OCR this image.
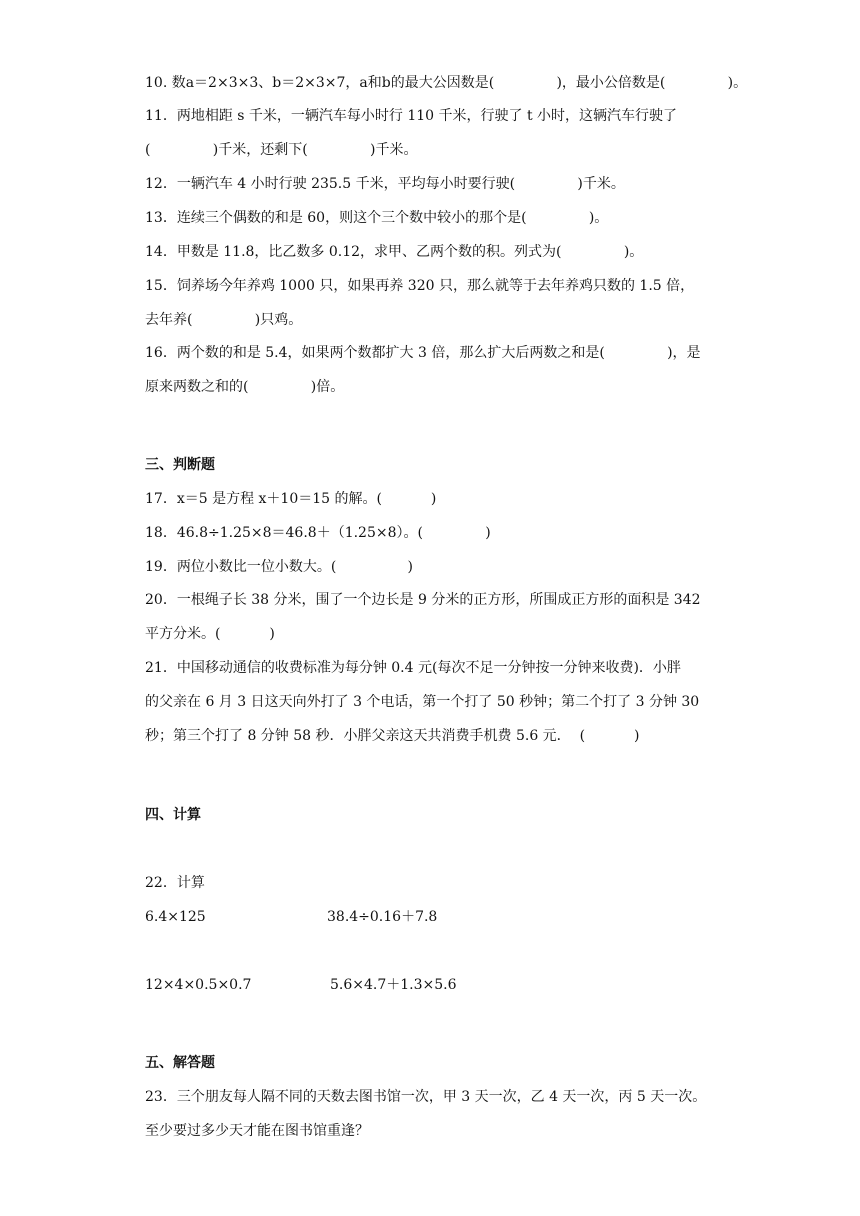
10. 数a＝2×3×3、b＝2×3×7，a和b的最大公因数是(              )，最小公倍数是(              )。
11．两地相距 s 千米，一辆汽车每小时行 110 千米，行驶了 t 小时，这辆汽车行驶了
(              )千米，还剩下(              )千米。
12．一辆汽车 4 小时行驶 235.5 千米，平均每小时要行驶(              )千米。
13．连续三个偶数的和是 60，则这个三个数中较小的那个是(              )。
14．甲数是 11.8，比乙数多 0.12，求甲、乙两个数的积。列式为(              )。
15．饲养场今年养鸡 1000 只，如果再养 320 只，那么就等于去年养鸡只数的 1.5 倍，
去年养(              )只鸡。
16．两个数的和是 5.4，如果两个数都扩大 3 倍，那么扩大后两数之和是(              )，是
原来两数之和的(              )倍。
三、判断题
17．x＝5 是方程 x＋10＝15 的解。(           )
18．46.8÷1.25×8＝46.8＋（1.25×8）。(              )
19．两位小数比一位小数大。(                )
20．一根绳子长 38 分米，围了一个边长是 9 分米的正方形，所围成正方形的面积是 342
平方分米。(           )
21．中国移动通信的收费标准为每分钟 0.4 元(每次不足一分钟按一分钟来收费)．小胖
的父亲在 6 月 3 日这天向外打了 3 个电话，第一个打了 50 秒钟；第二个打了 3 分钟 30
秒；第三个打了 8 分钟 58 秒．小胖父亲这天共消费手机费 5.6 元．  (           )
四、计算
22．计算
6.4×125	38.4÷0.16＋7.8
12×4×0.5×0.7	5.6×4.7＋1.3×5.6
五、解答题
23．三个朋友每人隔不同的天数去图书馆一次，甲 3 天一次，乙 4 天一次，丙 5 天一次。
至少要过多少天才能在图书馆重逢？
